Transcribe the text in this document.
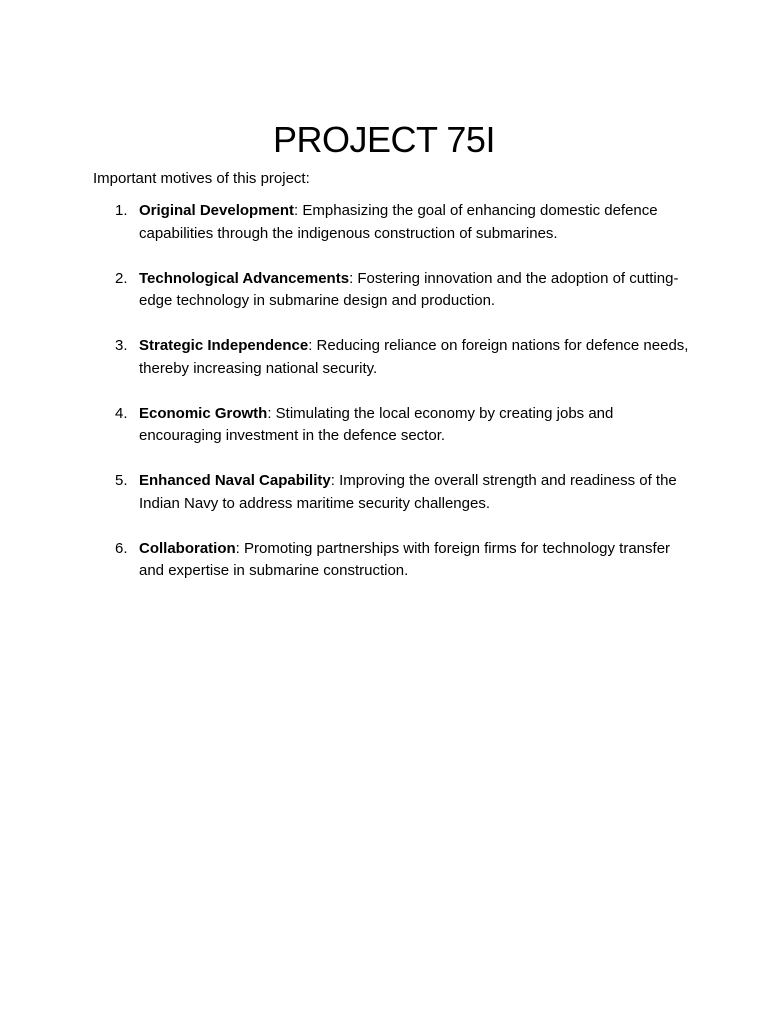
PROJECT 75I
Important motives of this project:
1. Original Development: Emphasizing the goal of enhancing domestic defence capabilities through the indigenous construction of submarines.
2. Technological Advancements: Fostering innovation and the adoption of cutting-edge technology in submarine design and production.
3. Strategic Independence: Reducing reliance on foreign nations for defence needs, thereby increasing national security.
4. Economic Growth: Stimulating the local economy by creating jobs and encouraging investment in the defence sector.
5. Enhanced Naval Capability: Improving the overall strength and readiness of the Indian Navy to address maritime security challenges.
6. Collaboration: Promoting partnerships with foreign firms for technology transfer and expertise in submarine construction.
